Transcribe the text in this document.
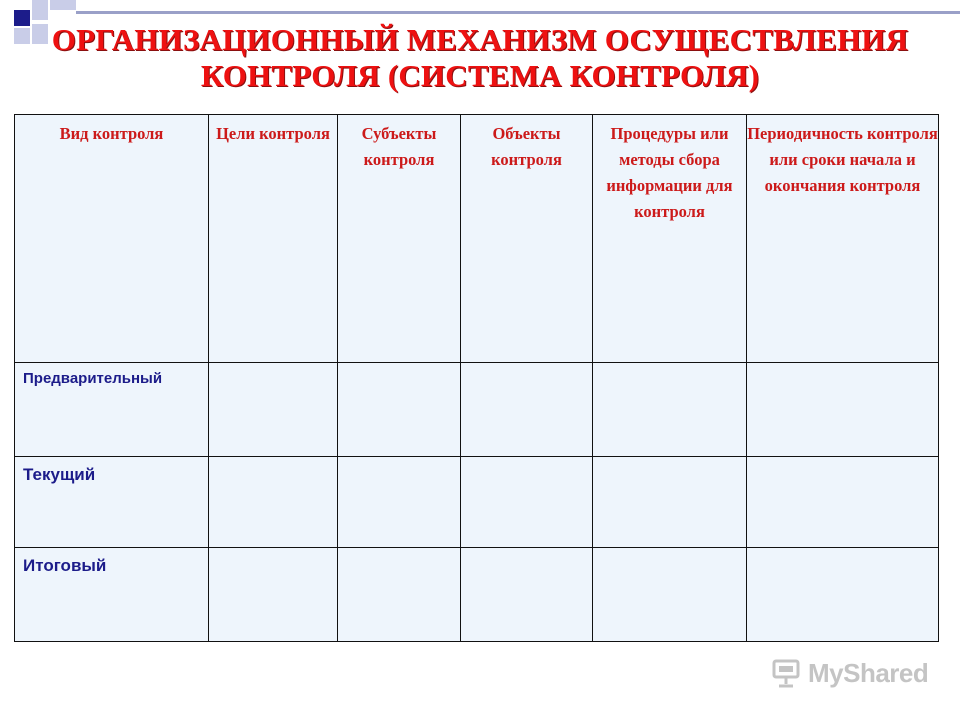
ОРГАНИЗАЦИОННЫЙ МЕХАНИЗМ ОСУЩЕСТВЛЕНИЯ
КОНТРОЛЯ (СИСТЕМА КОНТРОЛЯ)
Вид контроля	Цели контроля	Субъекты контроля	Объекты контроля	Процедуры или методы сбора информации для контроля	Периодичность контроля или сроки начала и окончания контроля
Предварительный					
Текущий					
Итоговый					
MyShared
